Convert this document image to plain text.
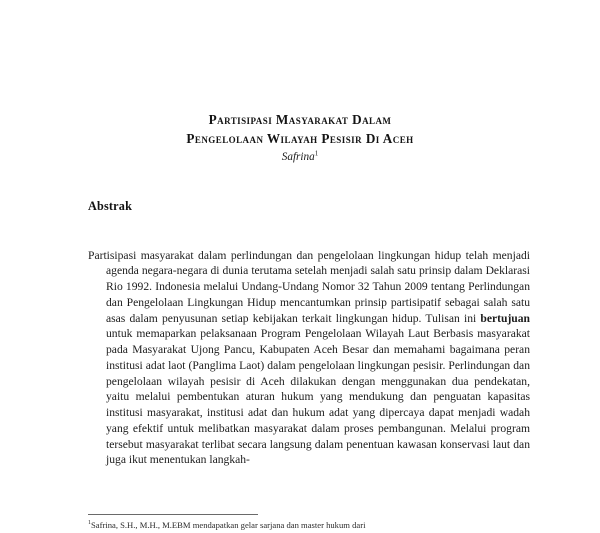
Partisipasi Masyarakat Dalam
Pengelolaan Wilayah Pesisir Di Aceh
Safrina$^1$
Abstrak

Partisipasi masyarakat dalam perlindungan dan pengelolaan lingkungan hidup telah menjadi agenda negara-negara di dunia terutama setelah menjadi salah satu prinsip dalam Deklarasi Rio 1992. Indonesia melalui Undang-Undang Nomor 32 Tahun 2009 tentang Perlindungan dan Pengelolaan Lingkungan Hidup mencantumkan prinsip partisipatif sebagai salah satu asas dalam penyusunan setiap kebijakan terkait lingkungan hidup. Tulisan ini bertujuan untuk memaparkan pelaksanaan Program Pengelolaan Wilayah Laut Berbasis masyarakat pada Masyarakat Ujong Pancu, Kabupaten Aceh Besar dan memahami bagaimana peran institusi adat laot (Panglima Laot) dalam pengelolaan lingkungan pesisir. Perlindungan dan pengelolaan wilayah pesisir di Aceh dilakukan dengan menggunakan dua pendekatan, yaitu melalui pembentukan aturan hukum yang mendukung dan penguatan kapasitas institusi masyarakat, institusi adat dan hukum adat yang dipercaya dapat menjadi wadah yang efektif untuk melibatkan masyarakat dalam proses pembangunan. Melalui program tersebut masyarakat terlibat secara langsung dalam penentuan kawasan konservasi laut dan juga ikut menentukan langkah-

$^1$Safrina, S.H., M.H., M.EBM mendapatkan gelar sarjana dan master hukum dari
